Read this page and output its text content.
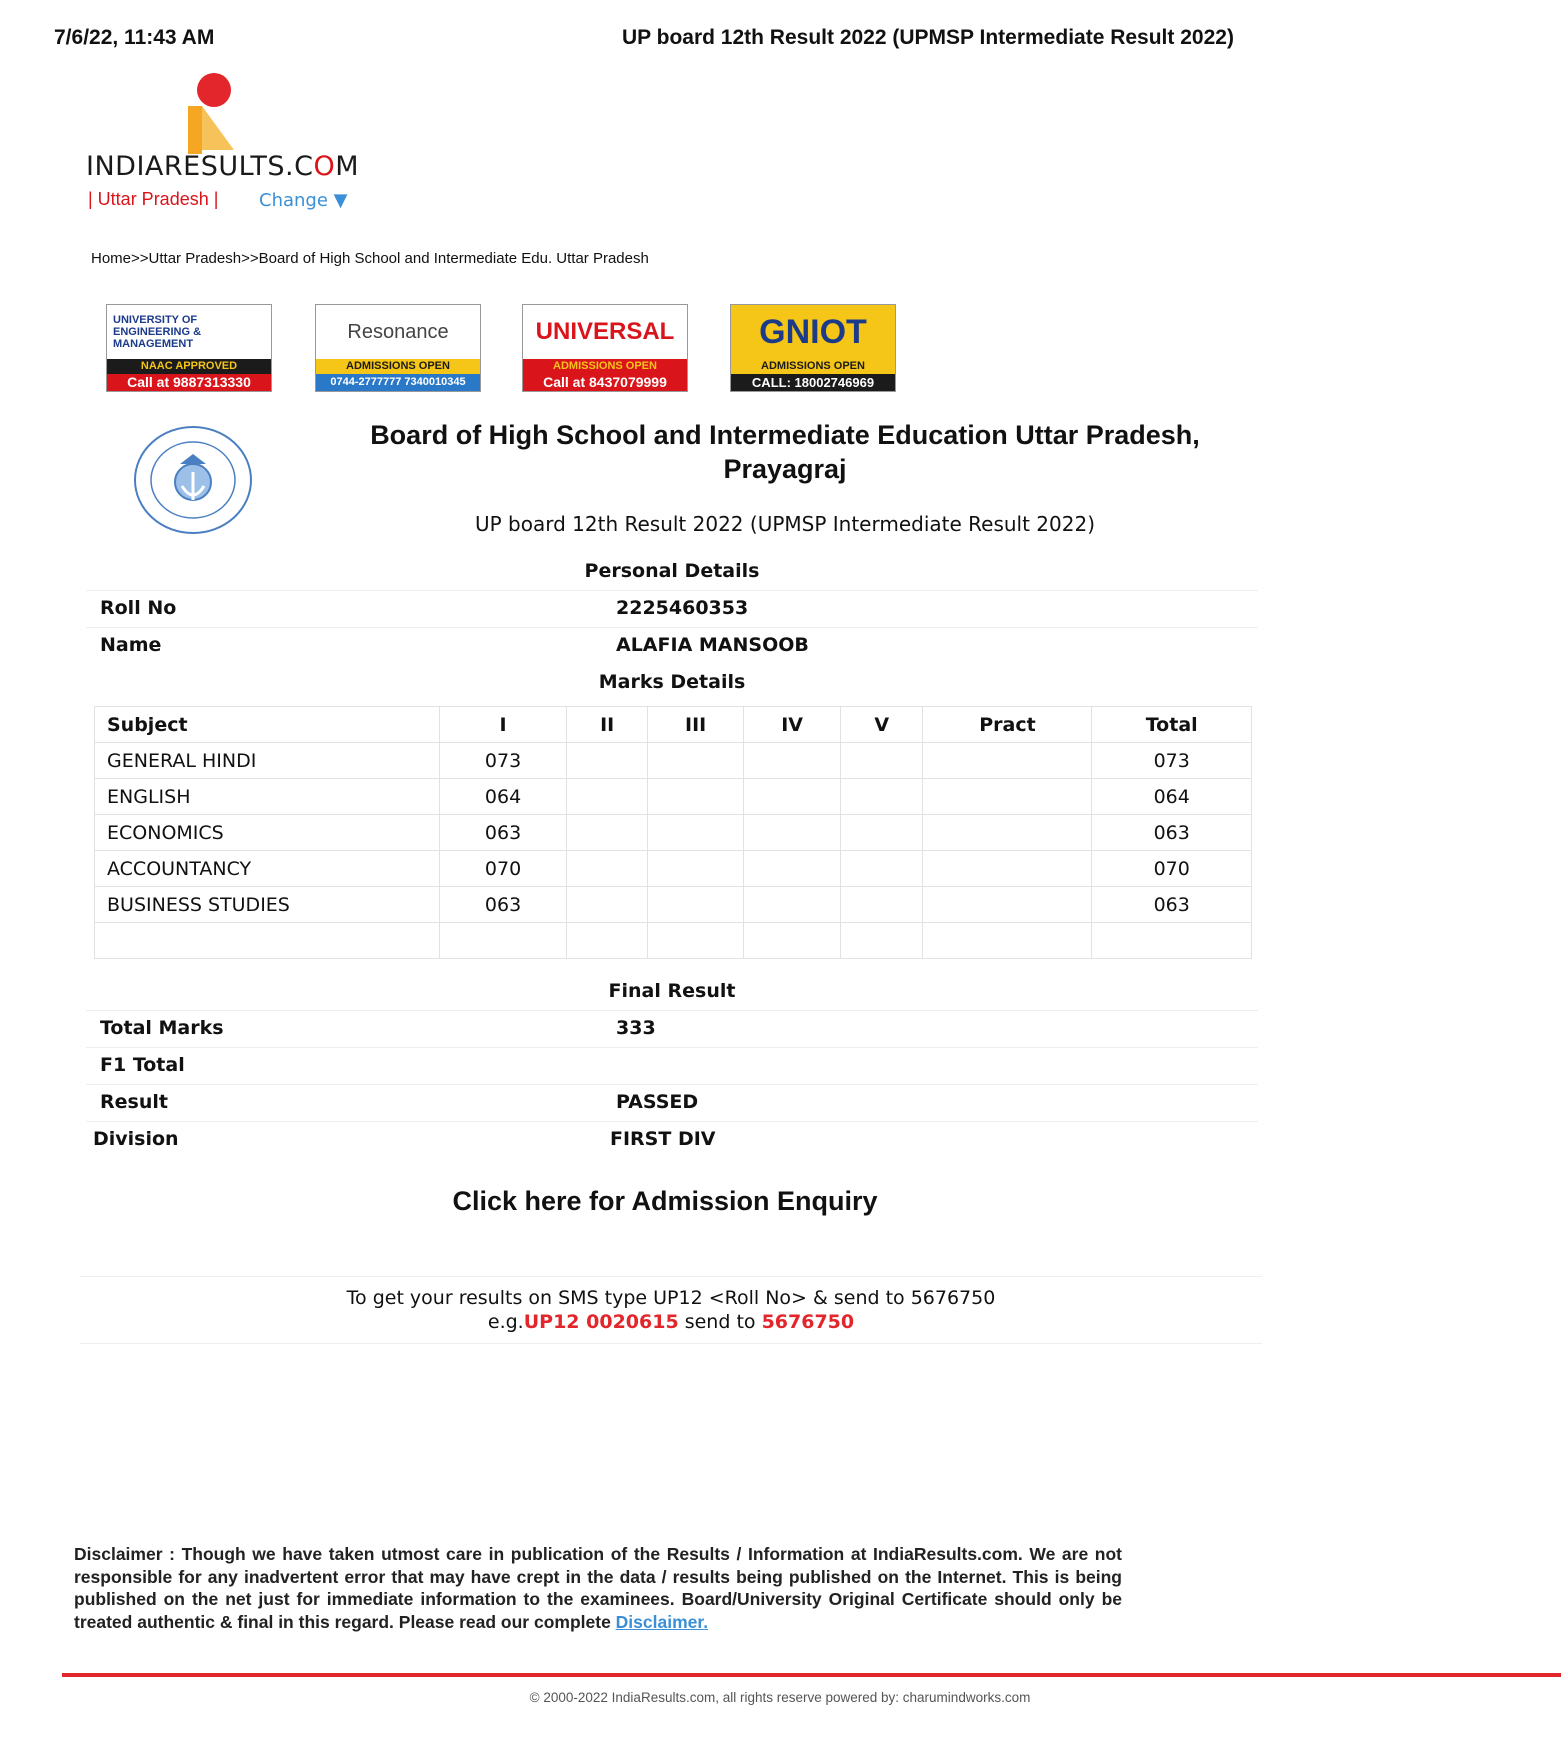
7/6/22, 11:43 AM	UP board 12th Result 2022 (UPMSP Intermediate Result 2022)
INDIARESULTS.COM
| Uttar Pradesh | Change ▼
Home>>Uttar Pradesh>>Board of High School and Intermediate Edu. Uttar Pradesh
UNIVERSITY OF ENGINEERING & MANAGEMENT
NAAC APPROVED
Call at 9887313330
Resonance
ADMISSIONS OPEN
0744-2777777 7340010345
UNIVERSAL
ADMISSIONS OPEN
Call at 8437079999
GNIOT
ADMISSIONS OPEN
CALL: 18002746969
Board of High School and Intermediate Education Uttar Pradesh,
Prayagraj
UP board 12th Result 2022 (UPMSP Intermediate Result 2022)
Personal Details
Roll No	2225460353
Name	ALAFIA MANSOOB
Marks Details
Subject	I	II	III	IV	V	Pract	Total
GENERAL HINDI	073						073
ENGLISH	064						064
ECONOMICS	063						063
ACCOUNTANCY	070						070
BUSINESS STUDIES	063						063

Final Result
Total Marks	333
F1 Total
Result	PASSED
Division	FIRST DIV
Click here for Admission Enquiry
To get your results on SMS type UP12 <Roll No> & send to 5676750
e.g.UP12 0020615 send to 5676750
Disclaimer : Though we have taken utmost care in publication of the Results / Information at IndiaResults.com. We are not responsible for any inadvertent error that may have crept in the data / results being published on the Internet. This is being published on the net just for immediate information to the examinees. Board/University Original Certificate should only be treated authentic & final in this regard. Please read our complete Disclaimer.
© 2000-2022 IndiaResults.com, all rights reserve powered by: charumindworks.com
